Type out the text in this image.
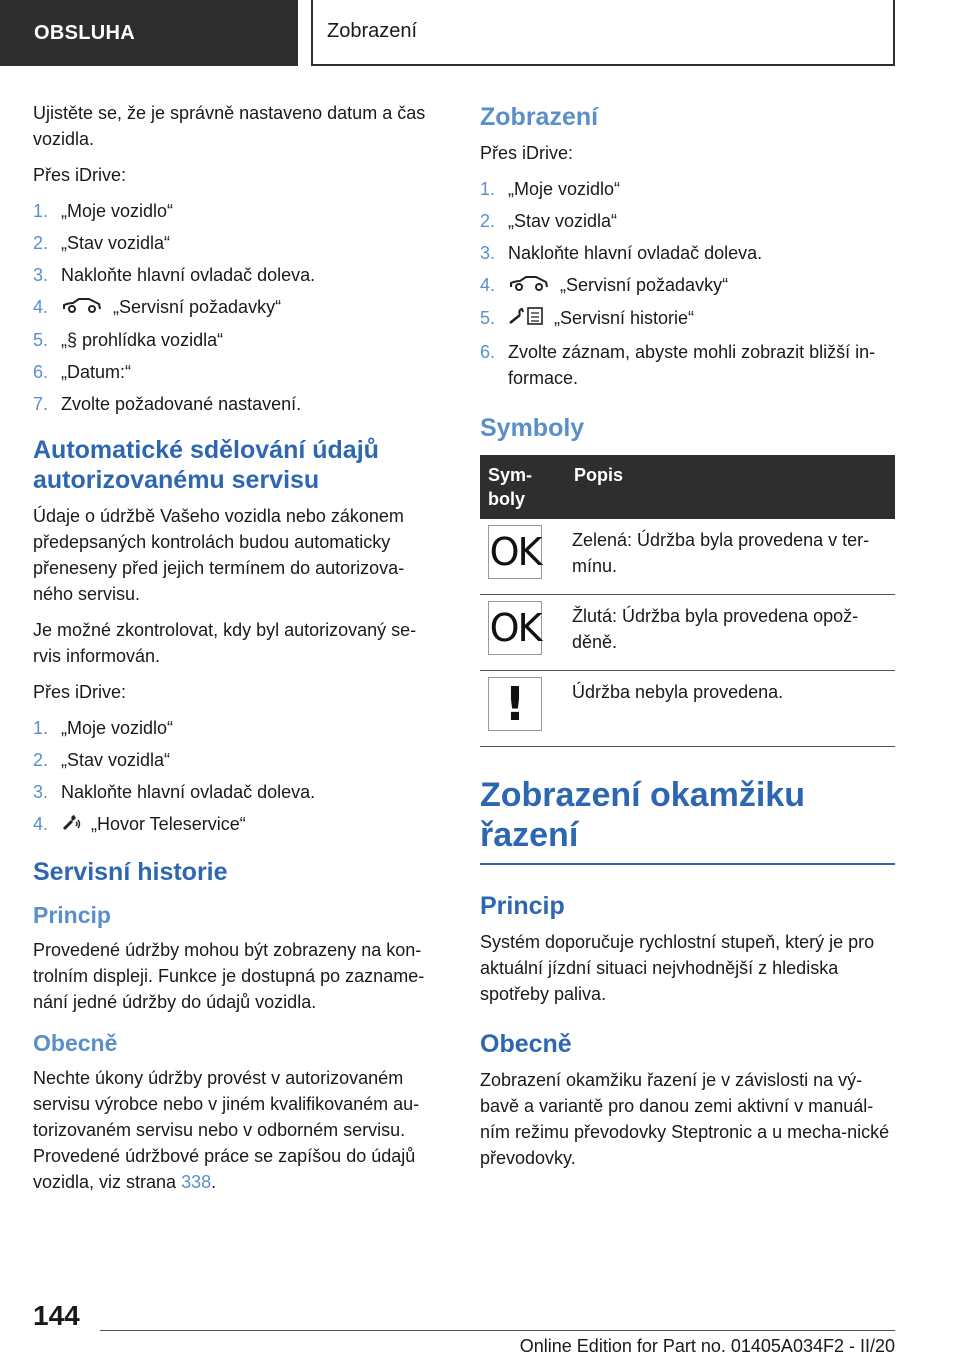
OBSLUHA	Zobrazení

Ujistěte se, že je správně nastaveno datum a čas vozidla.

Přes iDrive:

1. „Moje vozidlo“
2. „Stav vozidla“
3. Nakloňte hlavní ovladač doleva.
4.	„Servisní požadavky“
5. „§ prohlídka vozidla“
6. „Datum:“
7. Zvolte požadované nastavení.
Automatické sdělování údajů autorizovanému servisu

Údaje o údržbě Vašeho vozidla nebo zákonem předepsaných kontrolách budou automaticky přeneseny před jejich termínem do autorizova-ného servisu.

Je možné zkontrolovat, kdy byl autorizovaný se-rvis informován.

Přes iDrive:

1. „Moje vozidlo“
2. „Stav vozidla“
3. Nakloňte hlavní ovladač doleva.
4. „Hovor Teleservice“
Servisní historie
Princip

Provedené údržby mohou být zobrazeny na kon-trolním displeji. Funkce je dostupná po zazname-nání jedné údržby do údajů vozidla.

Obecně

Nechte úkony údržby provést v autorizovaném servisu výrobce nebo v jiném kvalifikovaném au-torizovaném servisu nebo v odborném servisu. Provedené údržbové práce se zapíšou do údajů vozidla, viz strana 338.

Zobrazení

Přes iDrive:

1. „Moje vozidlo“
2. „Stav vozidla“
3. Nakloňte hlavní ovladač doleva.
4.	„Servisní požadavky“
5.	„Servisní historie“
6. Zvolte záznam, abyste mohli zobrazit bližší in-formace.
Symboly
Sym-boly	Popis

OK	Zelená: Údržba byla provedena v ter-mínu.

OK	Žlutá: Údržba byla provedena opož-děně.

!	Údržba nebyla provedena.
Zobrazení okamžiku řazení
Princip

Systém doporučuje rychlostní stupeň, který je pro aktuální jízdní situaci nejvhodnější z hlediska spotřeby paliva.

Obecně

Zobrazení okamžiku řazení je v závislosti na vý-bavě a variantě pro danou zemi aktivní v manuál-ním režimu převodovky Steptronic a u mecha-nické převodovky.

144
Online Edition for Part no. 01405A034F2 - II/20
